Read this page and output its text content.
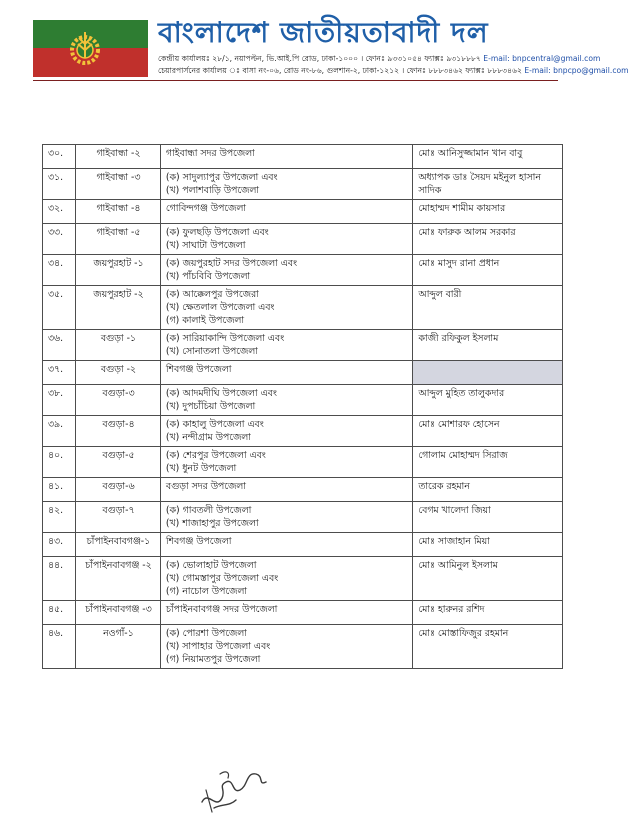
বাংলাদেশ জাতীয়তাবাদী দল
কেন্দ্রীয় কার্যালয়ঃ ২৮/১, নয়াপল্টন, ভি.আই.পি রোড, ঢাকা-১০০০ । ফোনঃ ৯৩৩১০৫৪ ফ্যাক্সঃ ৯৩১৮৮৮৭ E-mail: bnpcentral@gmail.com
চেয়ারপার্সনের কার্যালয় ঃ বাসা নং-০৬, রোড নং-৮৬, গুলশান-২, ঢাকা-১২১২ । ফোনঃ ৮৮৮৩৪৬২ ফ্যাক্সঃ ৮৮৮৩৪৬২ E-mail: bnpcpo@gmail.com
৩০.	গাইবান্ধা -২	গাইবান্ধা সদর উপজেলা	মোঃ আনিসুজ্জামান খান বাবু
৩১.	গাইবান্ধা -৩	(ক) সাদুল্যাপুর উপজেলা এবং
(খ) পলাশবাড়ি উপজেলা	অধ্যাপক ডাঃ সৈয়দ মইনুল হাসান সাদিক
৩২.	গাইবান্ধা -৪	গোবিন্দগঞ্জ উপজেলা	মোহাম্মদ শামীম কায়সার
৩৩.	গাইবান্ধা -৫	(ক) ফুলছড়ি উপজেলা এবং
(খ) সাঘাটা উপজেলা	মোঃ ফারুক আলম সরকার
৩৪.	জয়পুরহাট -১	(ক) জয়পুরহাট সদর উপজেলা এবং
(খ) পাঁচবিবি উপজেলা	মোঃ মাসুদ রানা প্রধান
৩৫.	জয়পুরহাট -২	(ক) আক্কেলপুর উপজেরা
(খ) ক্ষেতলাল উপজেলা এবং
(গ) কালাই উপজেলা	আব্দুল বারী
৩৬.	বগুড়া -১	(ক) সারিয়াকান্দি উপজেলা এবং
(খ) সোনাতলা উপজেলা	কাজী রফিকুল ইসলাম
৩৭.	বগুড়া -২	শিবগঞ্জ উপজেলা	

৩৮.	বগুড়া-৩	(ক) আদমদীঘি উপজেলা এবং
(খ) দুপচাঁচিয়া উপজেলা	আব্দুল মুহিত তালুকদার
৩৯.	বগুড়া-৪	(ক) কাহালু উপজেলা এবং
(খ) নন্দীগ্রাম উপজেলা	মোঃ মোশারফ হোসেন
৪০.	বগুড়া-৫	(ক) শেরপুর উপজেলা এবং
(খ) ধুনট উপজেলা	গোলাম মোহাম্মদ সিরাজ
৪১.	বগুড়া-৬	বগুড়া সদর উপজেলা	তারেক রহমান
৪২.	বগুড়া-৭	(ক) গাবতলী উপজেলা
(খ) শাজাহাপুর উপজেলা	বেগম খালেদা জিয়া
৪৩.	চাঁপাইনবাবগঞ্জ-১	শিবগঞ্জ উপজেলা	মোঃ সাজাহান মিয়া
৪৪.	চাঁপাইনবাবগঞ্জ -২	(ক) ভোলাহাট উপজেলা
(খ) গোমস্তাপুর উপজেলা এবং
(গ) নাচোল উপজেলা	মোঃ আমিনুল ইসলাম
৪৫.	চাঁপাইনবাবগঞ্জ -৩	চাঁপাইনবাবগঞ্জ সদর উপজেলা	মোঃ হারুনর রশিদ
৪৬.	নওগাঁ-১	(ক) পোরশা উপজেলা
(খ) সাপাহার উপজেলা এবং
(গ) নিয়ামতপুর উপজেলা	মোঃ মোস্তাফিজুর রহমান
